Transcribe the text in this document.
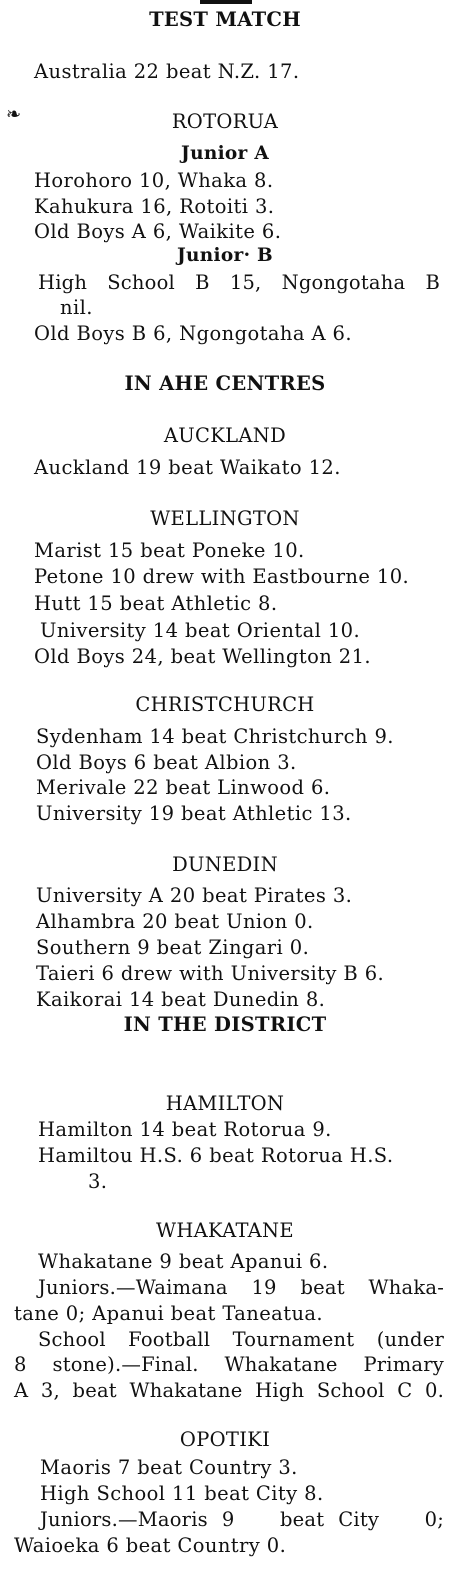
TEST MATCH
Australia 22 beat N.Z. 17.
❧	ROTORUA
Junior A
Horohoro 10, Whaka 8.
Kahukura 16, Rotoiti 3.
Old Boys A 6, Waikite 6.
Junior· B
High School B 15, Ngongotaha B
nil.
Old Boys B 6, Ngongotaha A 6.
IN AHE CENTRES
AUCKLAND
Auckland 19 beat Waikato 12.
WELLINGTON
Marist 15 beat Poneke 10.
Petone 10 drew with Eastbourne 10.
Hutt 15 beat Athletic 8.
University 14 beat Oriental 10.
Old Boys 24, beat Wellington 21.
CHRISTCHURCH
Sydenham 14 beat Christchurch 9.
Old Boys 6 beat Albion 3.
Merivale 22 beat Linwood 6.
University 19 beat Athletic 13.
DUNEDIN
University A 20 beat Pirates 3.
Alhambra 20 beat Union 0.
Southern 9 beat Zingari 0.
Taieri 6 drew with University B 6.
Kaikorai 14 beat Dunedin 8.
IN THE DISTRICT
HAMILTON
Hamilton 14 beat Rotorua 9.
Hamiltou H.S. 6 beat Rotorua H.S.
3.
WHAKATANE
Whakatane 9 beat Apanui 6.
Juniors.—Waimana 19 beat Whaka-
tane 0; Apanui beat Taneatua.
School Football Tournament (under
8 stone).—Final. Whakatane Primary
A 3, beat Whakatane High School C 0.
OPOTIKI
Maoris 7 beat Country 3.
High School 11 beat City 8.
Juniors.—Maoris 9 beat City 0;
Waioeka 6 beat Country 0.
